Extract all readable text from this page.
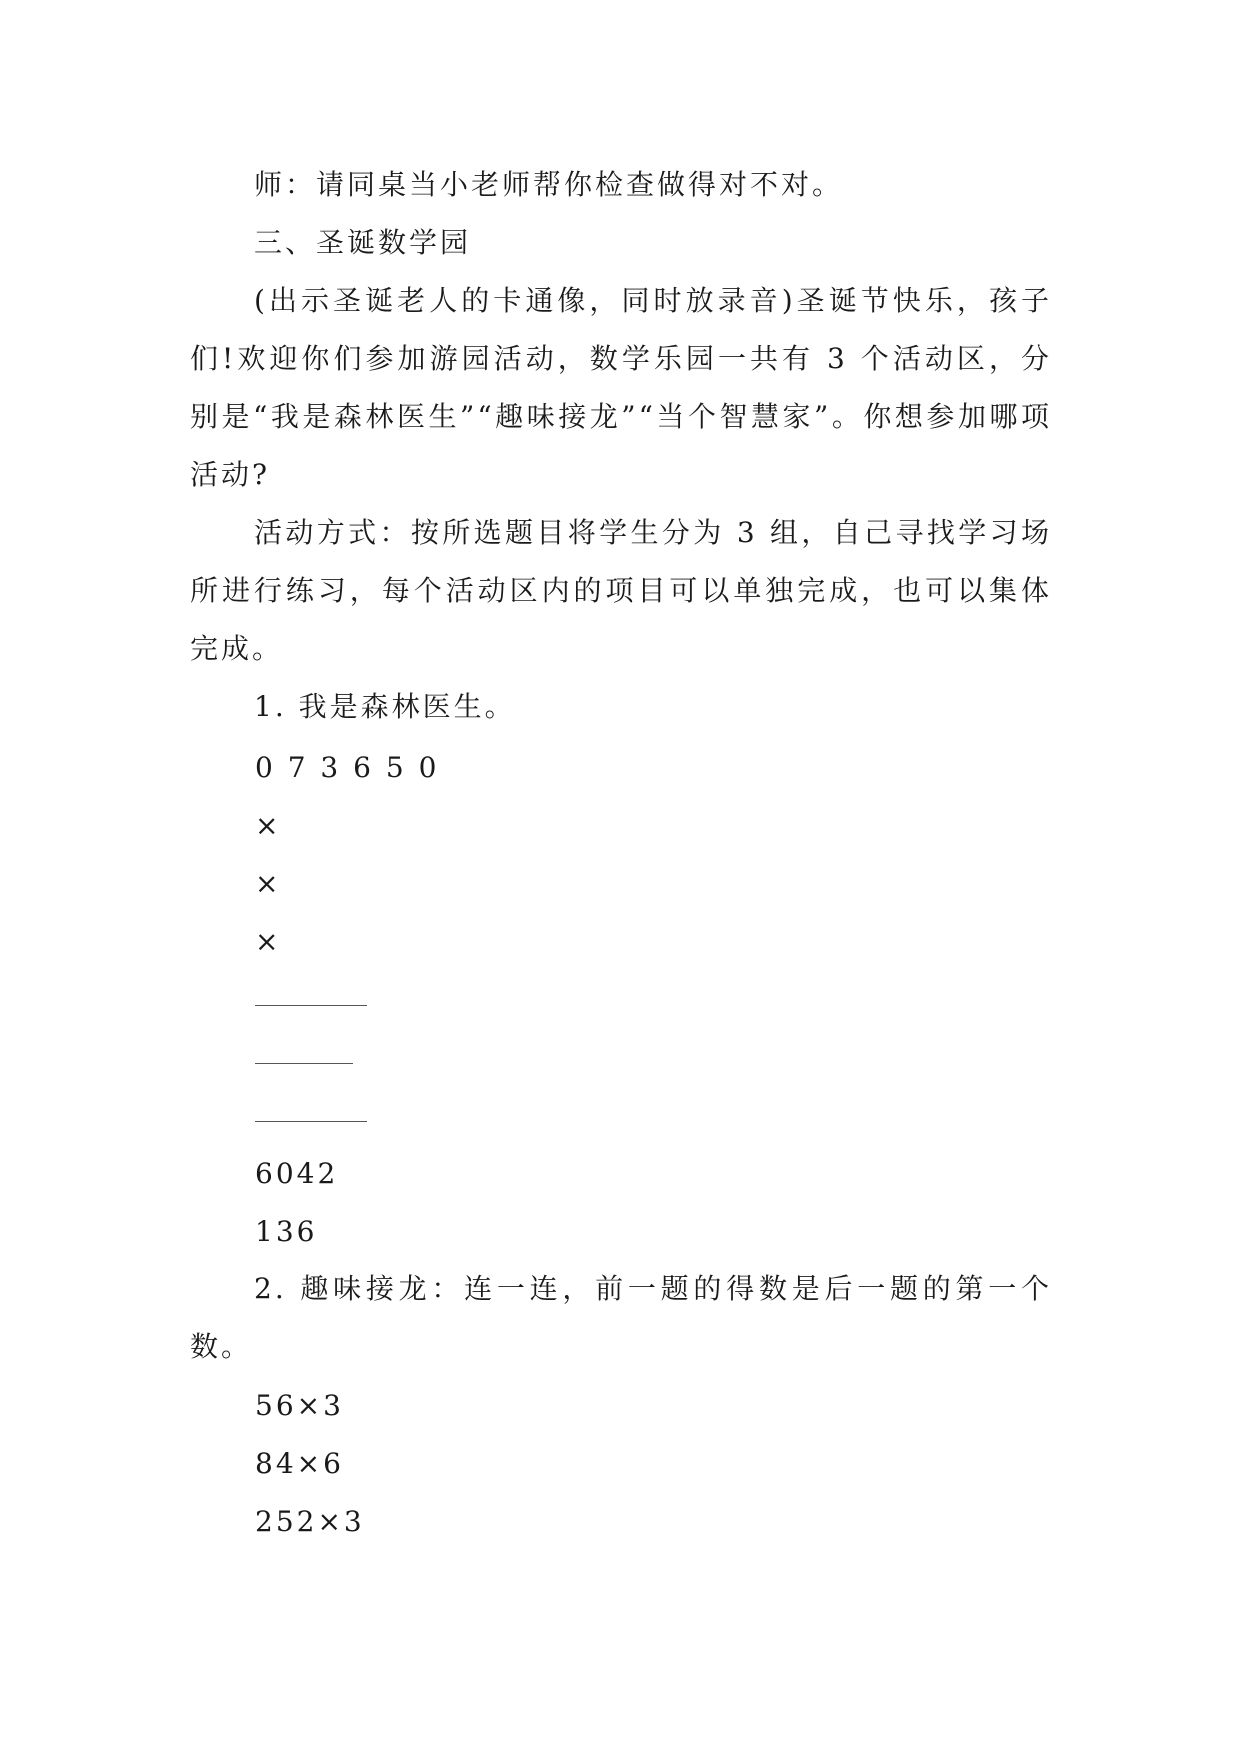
师：请同桌当小老师帮你检查做得对不对。

三、圣诞数学园

(出示圣诞老人的卡通像，同时放录音)圣诞节快乐，孩子们!欢迎你们参加游园活动，数学乐园一共有 3 个活动区，分别是“我是森林医生”“趣味接龙”“当个智慧家”。你想参加哪项活动?

活动方式：按所选题目将学生分为 3 组，自己寻找学习场所进行练习，每个活动区内的项目可以单独完成，也可以集体完成。

1. 我是森林医生。

0 7 3 6 5 0

×

×

×

6042

136

2. 趣味接龙：连一连，前一题的得数是后一题的第一个数。

56×3

84×6

252×3
